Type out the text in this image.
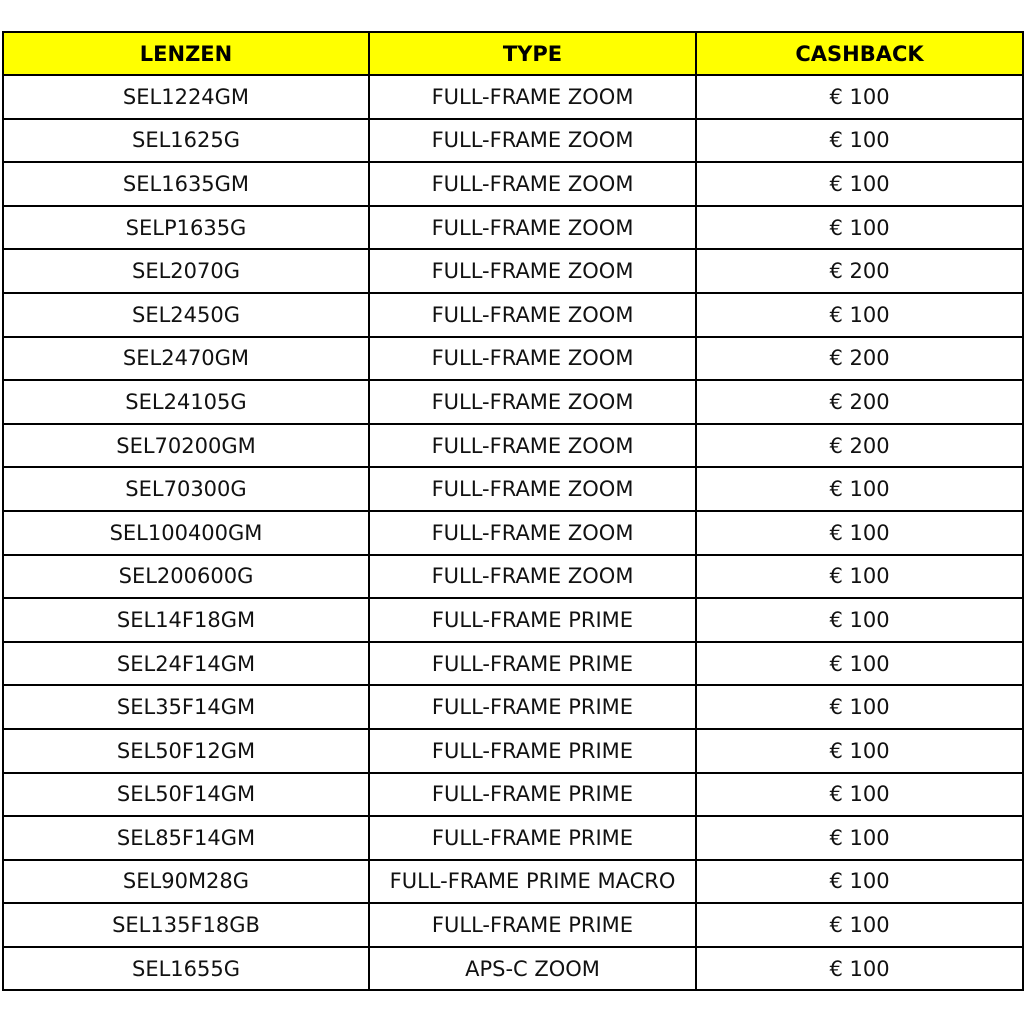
LENZEN	TYPE	CASHBACK
SEL1224GM	FULL-FRAME ZOOM	€ 100
SEL1625G	FULL-FRAME ZOOM	€ 100
SEL1635GM	FULL-FRAME ZOOM	€ 100
SELP1635G	FULL-FRAME ZOOM	€ 100
SEL2070G	FULL-FRAME ZOOM	€ 200
SEL2450G	FULL-FRAME ZOOM	€ 100
SEL2470GM	FULL-FRAME ZOOM	€ 200
SEL24105G	FULL-FRAME ZOOM	€ 200
SEL70200GM	FULL-FRAME ZOOM	€ 200
SEL70300G	FULL-FRAME ZOOM	€ 100
SEL100400GM	FULL-FRAME ZOOM	€ 100
SEL200600G	FULL-FRAME ZOOM	€ 100
SEL14F18GM	FULL-FRAME PRIME	€ 100
SEL24F14GM	FULL-FRAME PRIME	€ 100
SEL35F14GM	FULL-FRAME PRIME	€ 100
SEL50F12GM	FULL-FRAME PRIME	€ 100
SEL50F14GM	FULL-FRAME PRIME	€ 100
SEL85F14GM	FULL-FRAME PRIME	€ 100
SEL90M28G	FULL-FRAME PRIME MACRO	€ 100
SEL135F18GB	FULL-FRAME PRIME	€ 100
SEL1655G	APS-C ZOOM	€ 100
